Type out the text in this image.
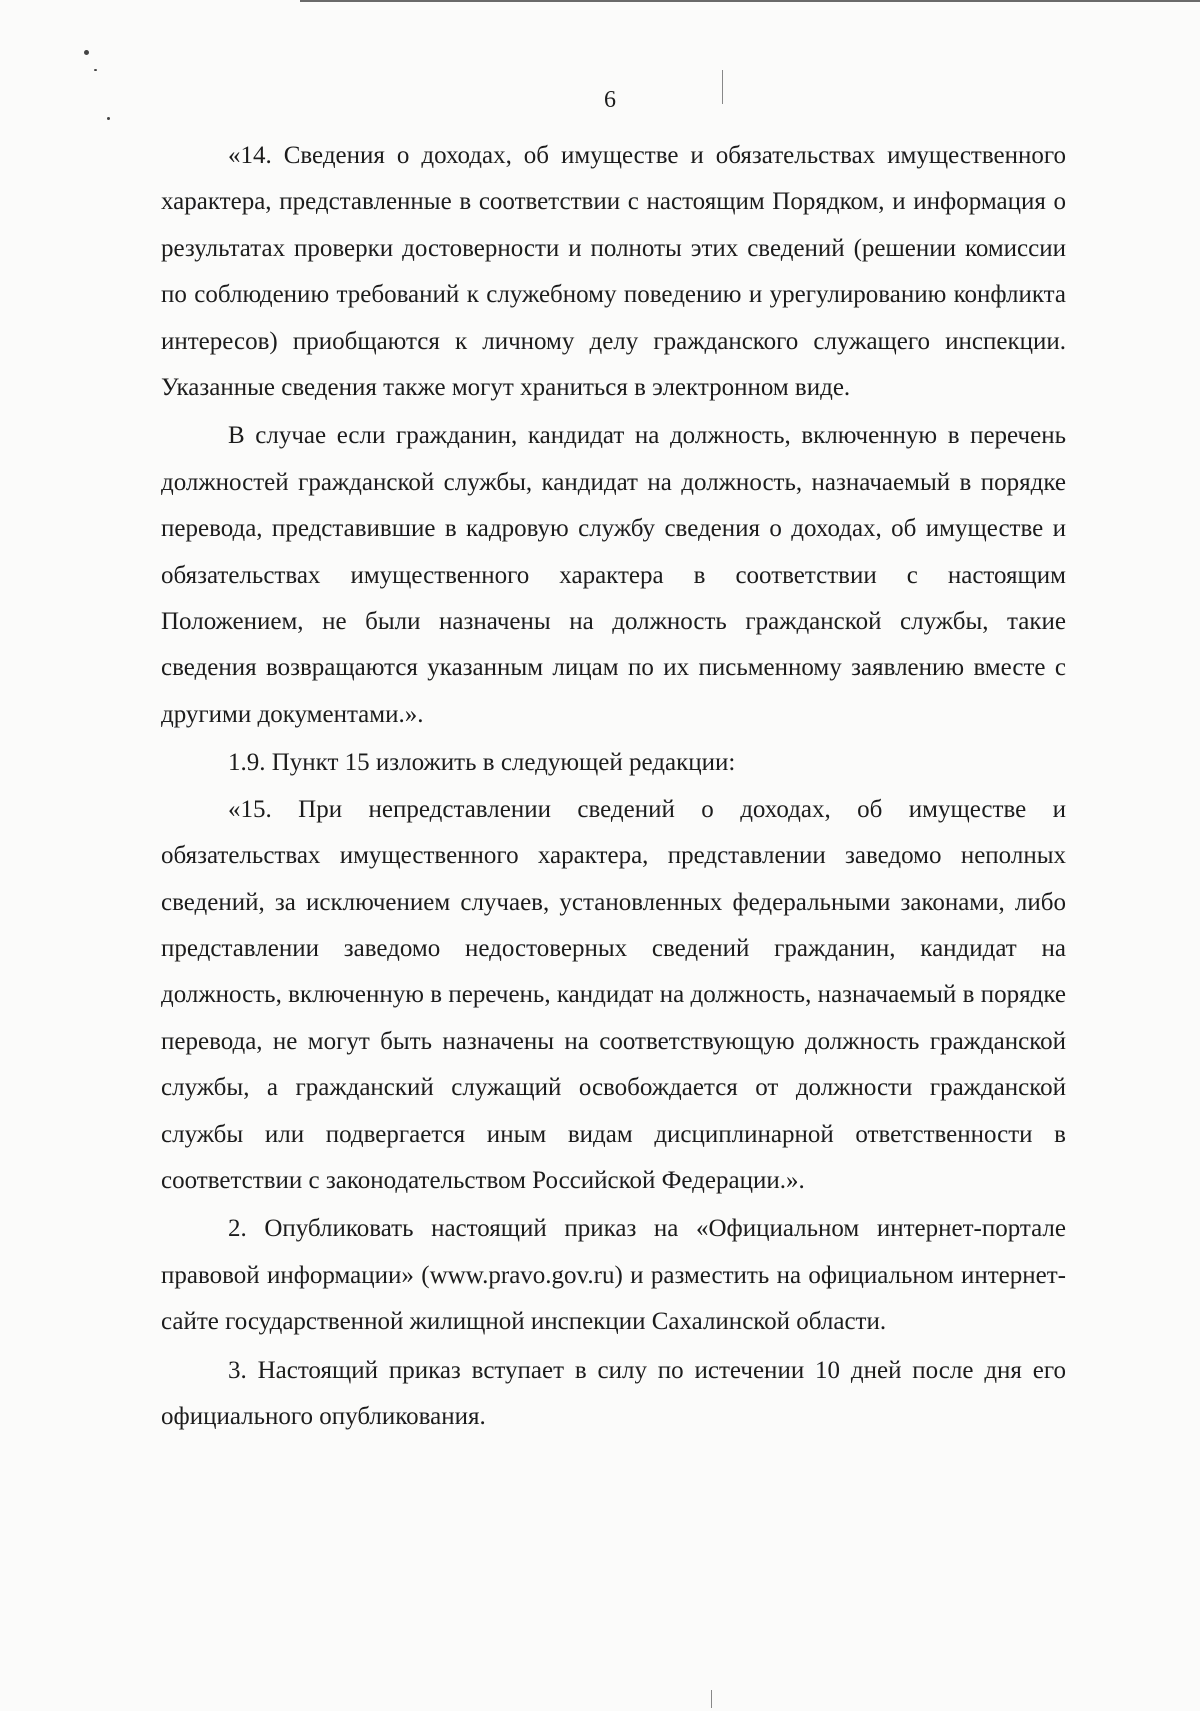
6

«14. Сведения о доходах, об имуществе и обязательствах имущественного характера, представленные в соответствии с настоящим Порядком, и информация о результатах проверки достоверности и полноты этих сведений (решении комиссии по соблюдению требований к служебному поведению и урегулированию конфликта интересов) приобщаются к личному делу гражданского служащего инспекции. Указанные сведения также могут храниться в электронном виде.

В случае если гражданин, кандидат на должность, включенную в перечень должностей гражданской службы, кандидат на должность, назначаемый в порядке перевода, представившие в кадровую службу сведения о доходах, об имуществе и обязательствах имущественного характера в соответствии с настоящим Положением, не были назначены на должность гражданской службы, такие сведения возвращаются указанным лицам по их письменному заявлению вместе с другими документами.».

1.9. Пункт 15 изложить в следующей редакции:

«15. При непредставлении сведений о доходах, об имуществе и обязательствах имущественного характера, представлении заведомо неполных сведений, за исключением случаев, установленных федеральными законами, либо представлении заведомо недостоверных сведений гражданин, кандидат на должность, включенную в перечень, кандидат на должность, назначаемый в порядке перевода, не могут быть назначены на соответствующую должность гражданской службы, а гражданский служащий освобождается от должности гражданской службы или подвергается иным видам дисциплинарной ответственности в соответствии с законодательством Российской Федерации.».

2. Опубликовать настоящий приказ на «Официальном интернет-портале правовой информации» (www.pravo.gov.ru) и разместить на официальном интернет-сайте государственной жилищной инспекции Сахалинской области.

3. Настоящий приказ вступает в силу по истечении 10 дней после дня его официального опубликования.
